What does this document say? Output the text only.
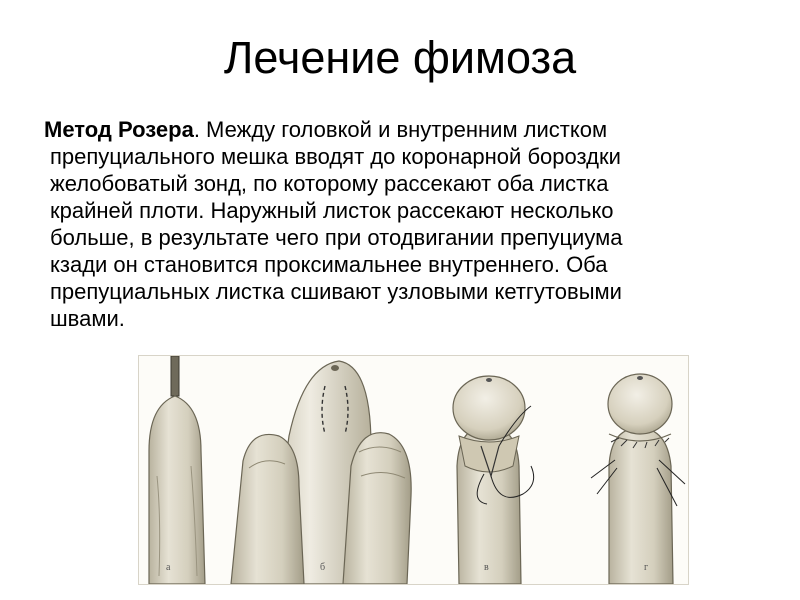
Лечение фимоза
Метод Розера. Между головкой и внутренним листком
препуциального мешка вводят до коронарной бороздки
желобоватый зонд, по которому рассекают оба листка
крайней плоти. Наружный листок рассекают несколько
больше, в результате чего при отодвигании препуциума
кзади он становится проксимальнее внутреннего. Оба
препуциальных листка сшивают узловыми кетгутовыми
швами.
а	б	в	г
